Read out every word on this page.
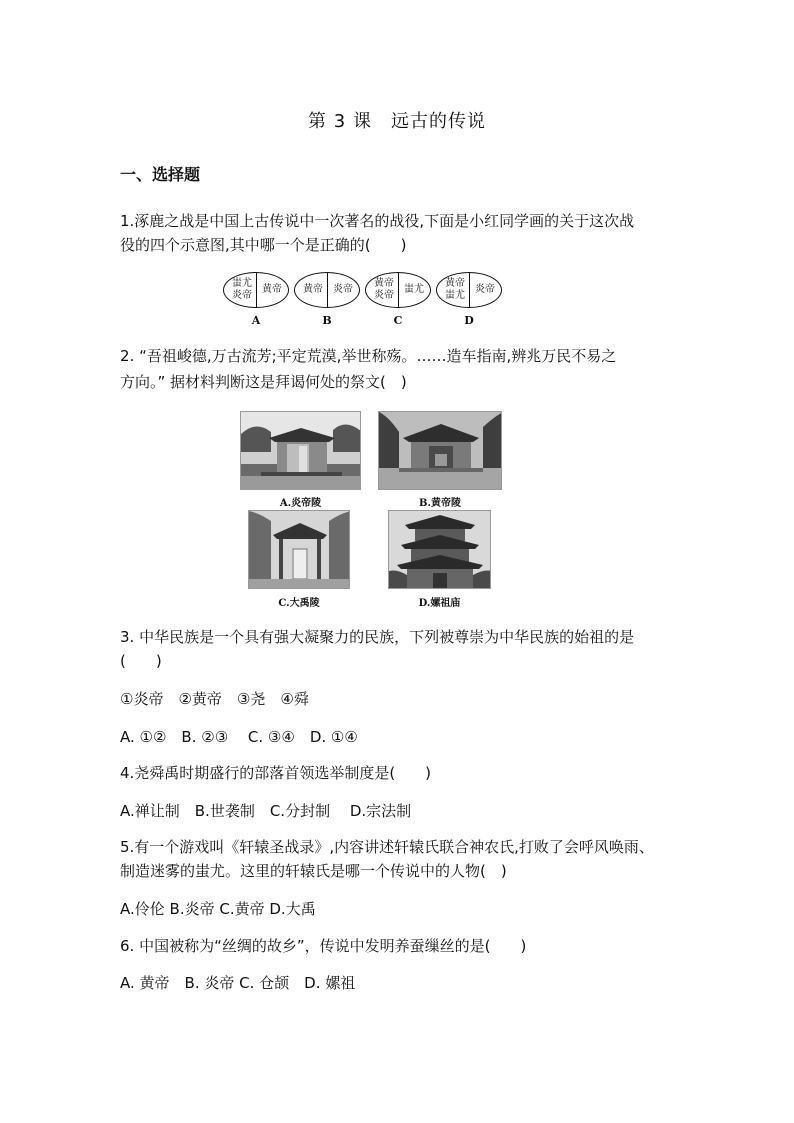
第 3 课　远古的传说
一、选择题
1.涿鹿之战是中国上古传说中一次著名的战役,下面是小红同学画的关于这次战
役的四个示意图,其中哪一个是正确的(　　)
蚩尤
炎帝
黄帝
A
黄帝 炎帝
B
黄帝
炎帝
蚩尤
C
黄帝
蚩尤
炎帝
D
2. “吾祖峻德,万古流芳;平定荒漠,举世称殇。……造车指南,辨兆万民不易之
方向。” 据材料判断这是拜谒何处的祭文(　)
A.炎帝陵	B.黄帝陵
C.大禹陵	D.嫘祖庙
3. 中华民族是一个具有强大凝聚力的民族，下列被尊崇为中华民族的始祖的是
(　　)
①炎帝　②黄帝　③尧　④舜
A. ①②　B. ②③　 C. ③④　D. ①④
4.尧舜禹时期盛行的部落首领选举制度是(　　)
A.禅让制　B.世袭制　C.分封制　 D.宗法制
5.有一个游戏叫《轩辕圣战录》,内容讲述轩辕氏联合神农氏,打败了会呼风唤雨、
制造迷雾的蚩尤。这里的轩辕氏是哪一个传说中的人物(　)
A.伶伦 B.炎帝 C.黄帝 D.大禹
6. 中国被称为“丝绸的故乡”，传说中发明养蚕缫丝的是(　　)
A. 黄帝　B. 炎帝 C. 仓颉　D. 嫘祖
